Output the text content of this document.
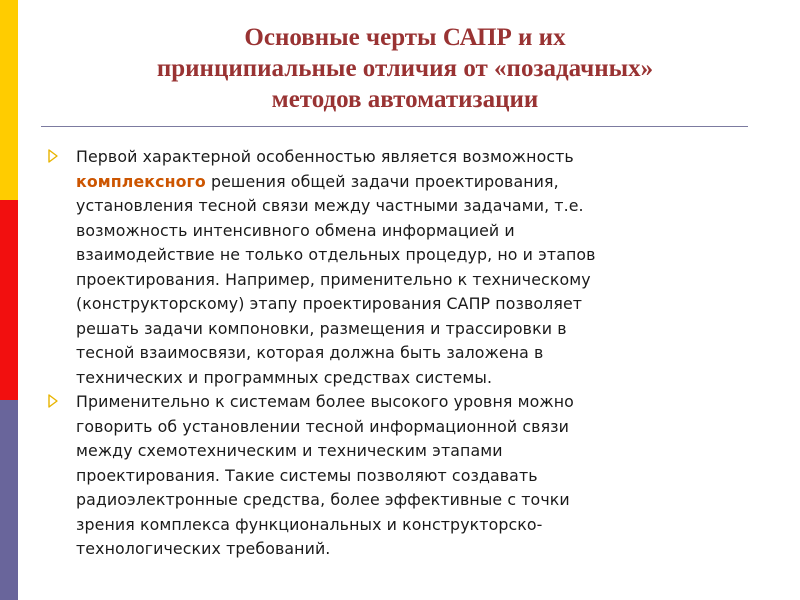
Основные черты САПР и их
принципиальные отличия от «позадачных»
методов автоматизации
Первой характерной особенностью является возможность
комплексного решения общей задачи проектирования,
установления тесной связи между частными задачами, т.е.
возможность интенсивного обмена информацией и
взаимодействие не только отдельных процедур, но и этапов
проектирования. Например, применительно к техническому
(конструкторскому) этапу проектирования САПР позволяет
решать задачи компоновки, размещения и трассировки в
тесной взаимосвязи, которая должна быть заложена в
технических и программных средствах системы.
Применительно к системам более высокого уровня можно
говорить об установлении тесной информационной связи
между схемотехническим и техническим этапами
проектирования. Такие системы позволяют создавать
радиоэлектронные средства, более эффективные с точки
зрения комплекса функциональных и конструкторско-
технологических требований.
